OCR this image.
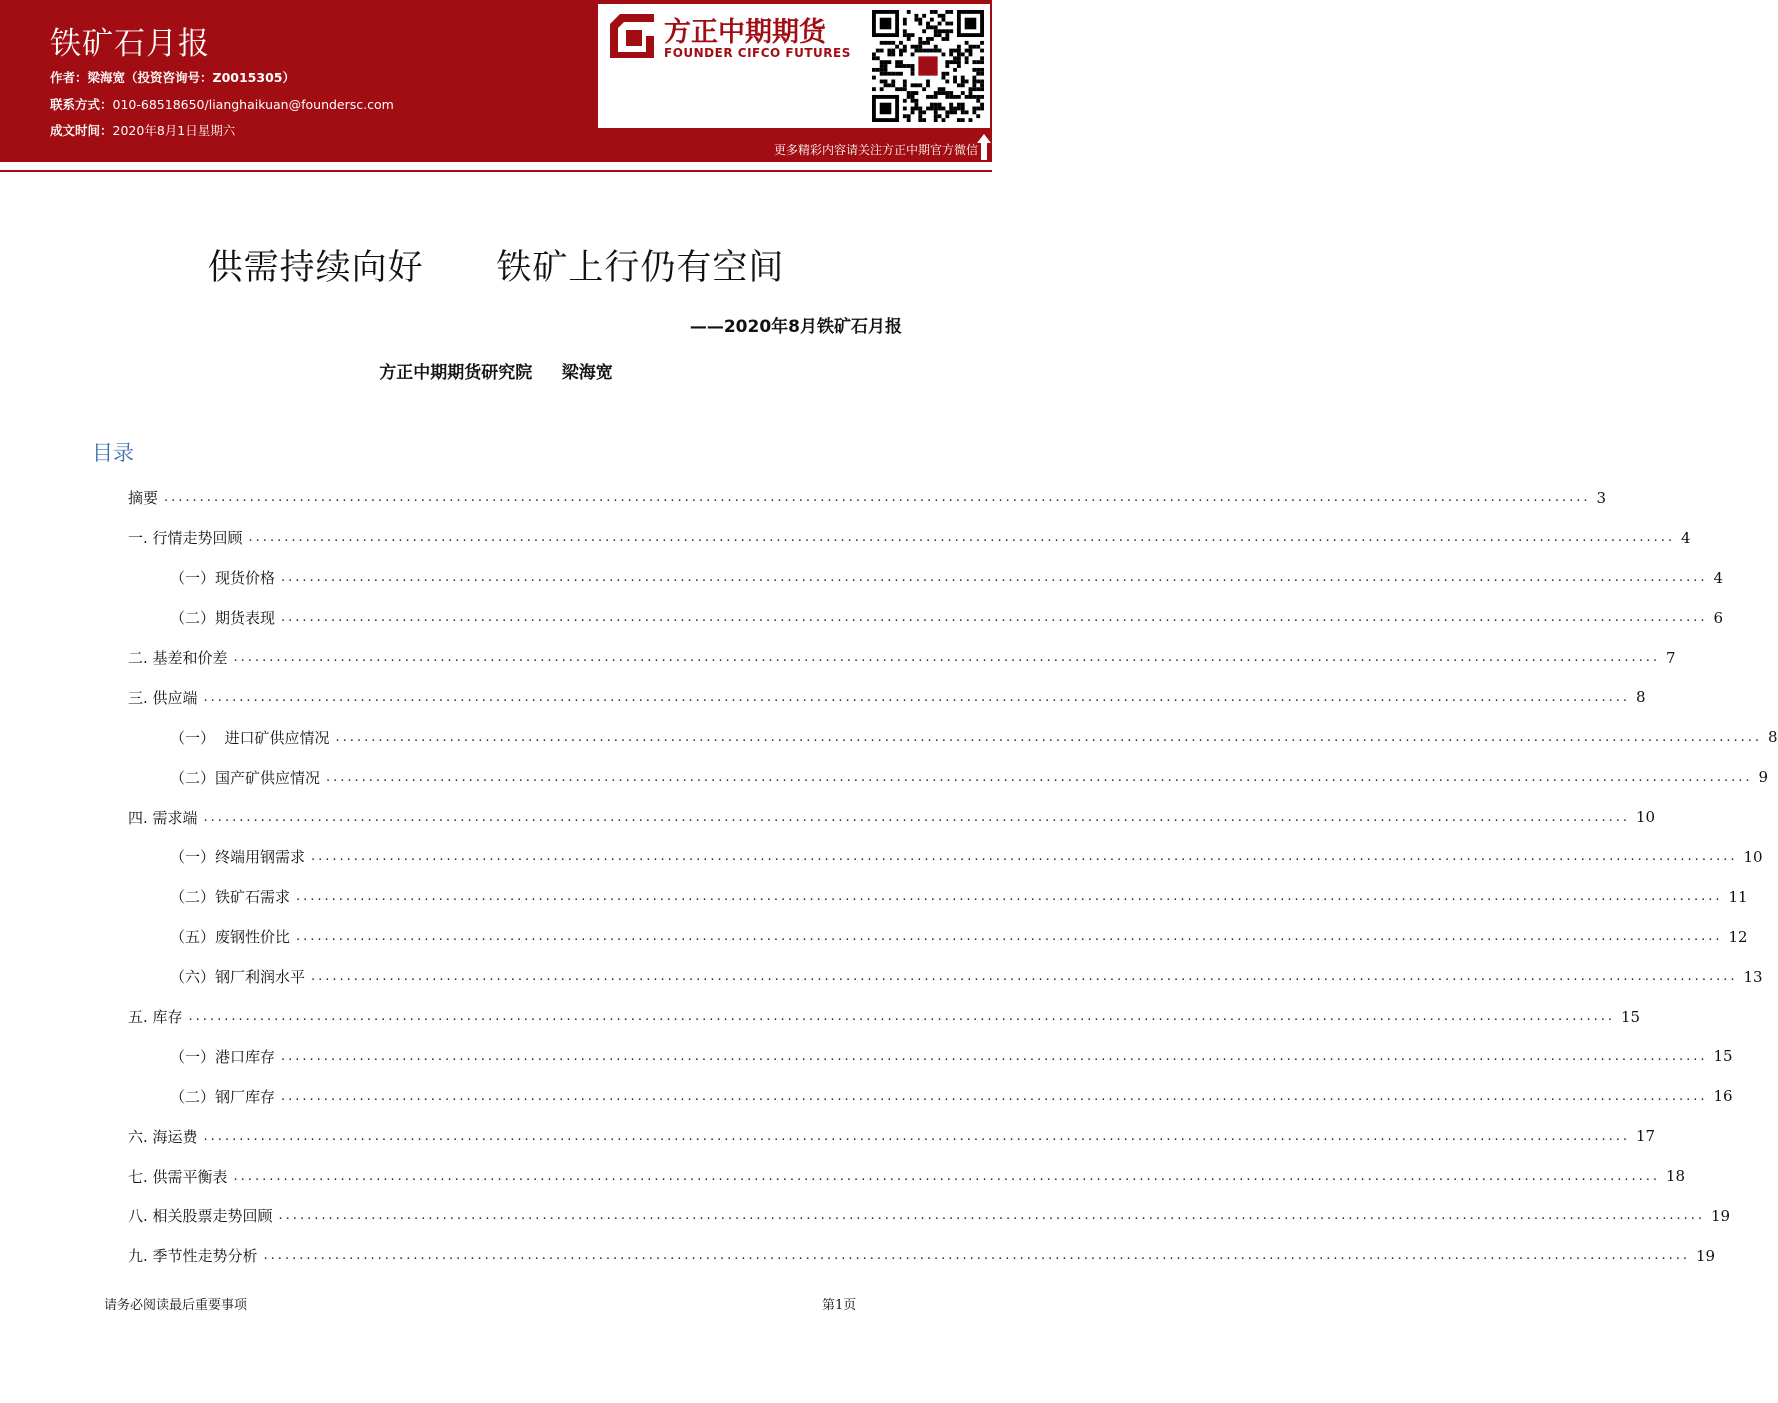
铁矿石月报
作者：梁海宽（投资咨询号：Z0015305）
联系方式：010-68518650/lianghaikuan@foundersc.com
成文时间：2020年8月1日星期六
方正中期期货
FOUNDER CIFCO FUTURES
更多精彩内容请关注方正中期官方微信
供需持续向好      铁矿上行仍有空间
——2020年8月铁矿石月报
方正中期期货研究院     梁海宽
目录
摘要 ........................................................................................................................................................................................................ 3
一. 行情走势回顾 ........................................................................................................................................................................................................ 4
（一）现货价格 ........................................................................................................................................................................................................ 4
（二）期货表现 ........................................................................................................................................................................................................ 6
二. 基差和价差 ........................................................................................................................................................................................................ 7
三. 供应端 ........................................................................................................................................................................................................ 8
（一）  进口矿供应情况 ........................................................................................................................................................................................................ 8
（二）国产矿供应情况 ........................................................................................................................................................................................................ 9
四. 需求端 ........................................................................................................................................................................................................ 10
（一）终端用钢需求 ........................................................................................................................................................................................................ 10
（二）铁矿石需求 ........................................................................................................................................................................................................ 11
（五）废钢性价比 ........................................................................................................................................................................................................ 12
（六）钢厂利润水平 ........................................................................................................................................................................................................ 13
五. 库存 ........................................................................................................................................................................................................ 15
（一）港口库存 ........................................................................................................................................................................................................ 15
（二）钢厂库存 ........................................................................................................................................................................................................ 16
六. 海运费 ........................................................................................................................................................................................................ 17
七. 供需平衡表 ........................................................................................................................................................................................................ 18
八. 相关股票走势回顾 ........................................................................................................................................................................................................ 19
九. 季节性走势分析 ........................................................................................................................................................................................................ 19
请务必阅读最后重要事项	第1页
